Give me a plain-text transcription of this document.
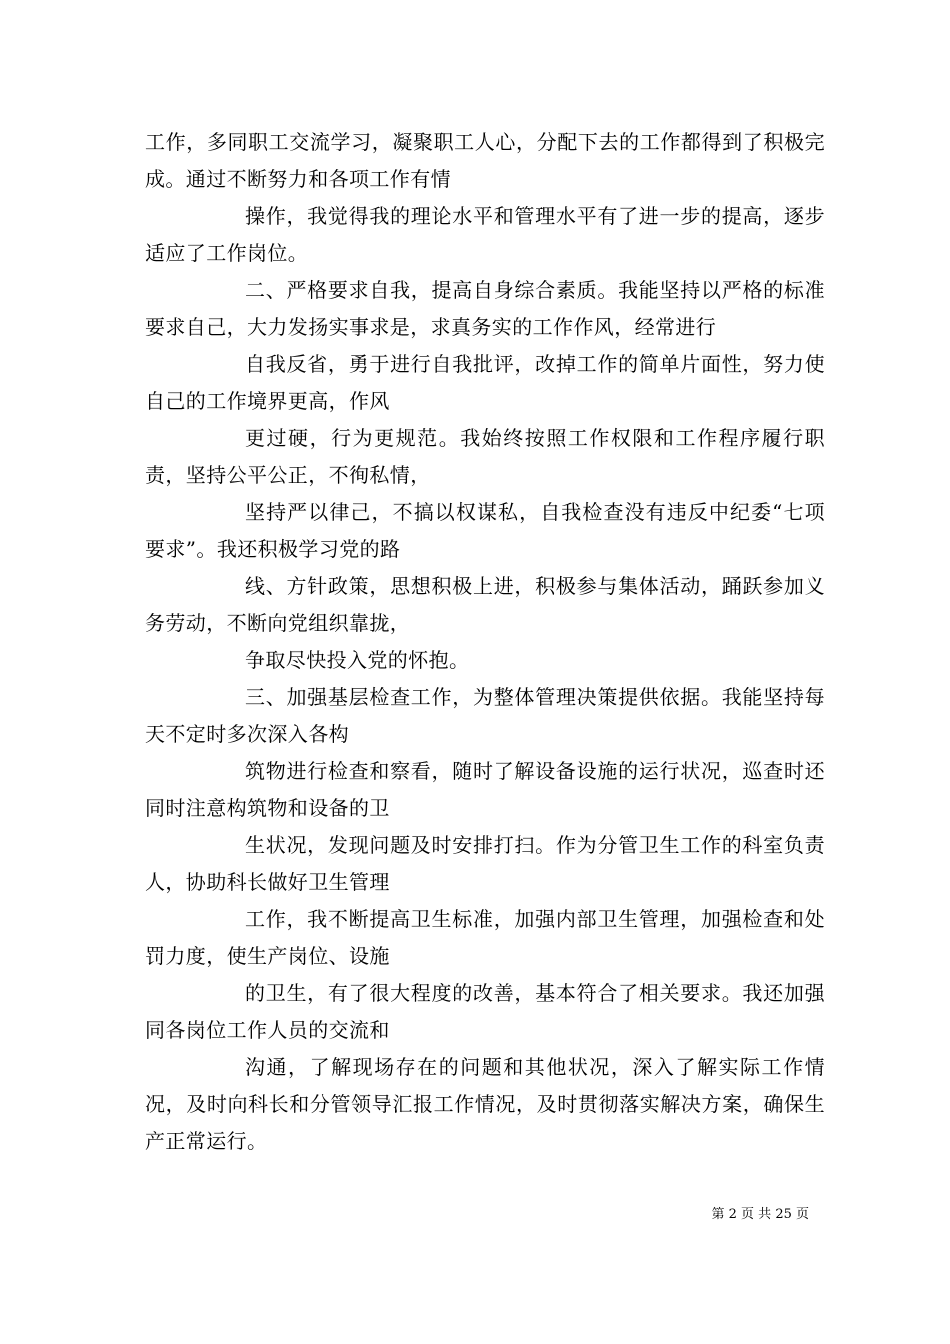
工作，多同职工交流学习，凝聚职工人心，分配下去的工作都得到了积极完成。通过不断努力和各项工作有情

操作，我觉得我的理论水平和管理水平有了进一步的提高，逐步适应了工作岗位。

二、严格要求自我，提高自身综合素质。我能坚持以严格的标准要求自己，大力发扬实事求是，求真务实的工作作风，经常进行

自我反省，勇于进行自我批评，改掉工作的简单片面性，努力使自己的工作境界更高，作风

更过硬，行为更规范。我始终按照工作权限和工作程序履行职责，坚持公平公正，不徇私情，

坚持严以律己，不搞以权谋私，自我检查没有违反中纪委“七项要求”。我还积极学习党的路

线、方针政策，思想积极上进，积极参与集体活动，踊跃参加义务劳动，不断向党组织靠拢，

争取尽快投入党的怀抱。

三、加强基层检查工作，为整体管理决策提供依据。我能坚持每天不定时多次深入各构

筑物进行检查和察看，随时了解设备设施的运行状况，巡查时还同时注意构筑物和设备的卫

生状况，发现问题及时安排打扫。作为分管卫生工作的科室负责人，协助科长做好卫生管理

工作，我不断提高卫生标准，加强内部卫生管理，加强检查和处罚力度，使生产岗位、设施

的卫生，有了很大程度的改善，基本符合了相关要求。我还加强同各岗位工作人员的交流和

沟通，了解现场存在的问题和其他状况，深入了解实际工作情况，及时向科长和分管领导汇报工作情况，及时贯彻落实解决方案，确保生产正常运行。

第 2 页 共 25 页
